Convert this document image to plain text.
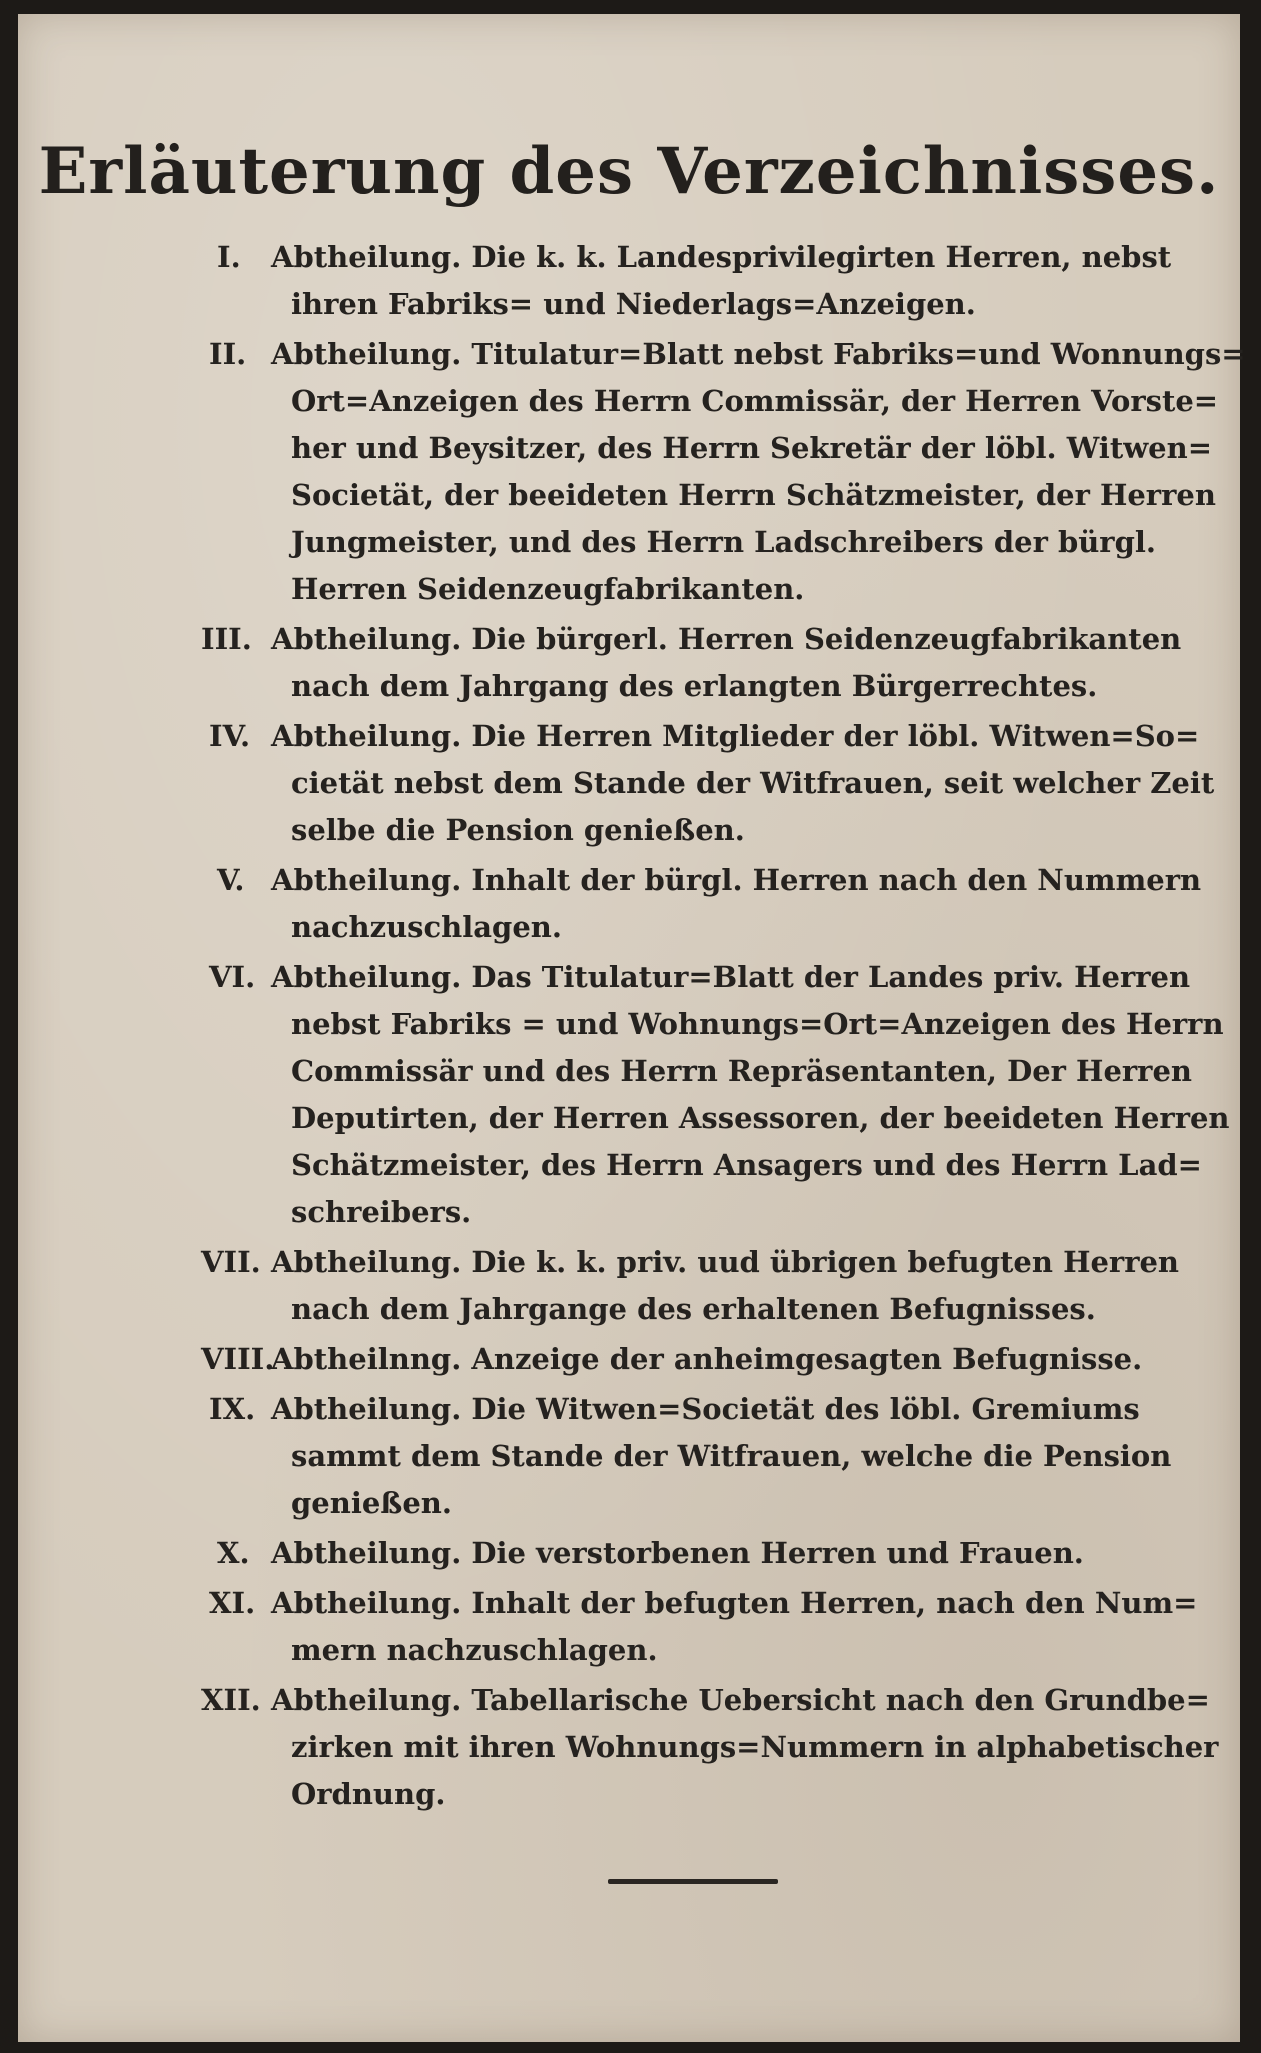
Erläuterung des Verzeichnisses.
I. Abtheilung. Die k. k. Landesprivilegirten Herren, nebst
ihren Fabriks= und Niederlags=Anzeigen.
II. Abtheilung. Titulatur=Blatt nebst Fabriks=und Wonnungs=
Ort=Anzeigen des Herrn Commissär, der Herren Vorste=
her und Beysitzer, des Herrn Sekretär der löbl. Witwen=
Societät, der beeideten Herrn Schätzmeister, der Herren
Jungmeister, und des Herrn Ladschreibers der bürgl.
Herren Seidenzeugfabrikanten.
III. Abtheilung. Die bürgerl. Herren Seidenzeugfabrikanten
nach dem Jahrgang des erlangten Bürgerrechtes.
IV. Abtheilung. Die Herren Mitglieder der löbl. Witwen=So=
cietät nebst dem Stande der Witfrauen, seit welcher Zeit
selbe die Pension genießen.
V. Abtheilung. Inhalt der bürgl. Herren nach den Nummern
nachzuschlagen.
VI. Abtheilung. Das Titulatur=Blatt der Landes priv. Herren
nebst Fabriks = und Wohnungs=Ort=Anzeigen des Herrn
Commissär und des Herrn Repräsentanten, Der Herren
Deputirten, der Herren Assessoren, der beeideten Herren
Schätzmeister, des Herrn Ansagers und des Herrn Lad=
schreibers.
VII. Abtheilung. Die k. k. priv. uud übrigen befugten Herren
nach dem Jahrgange des erhaltenen Befugnisses.
VIII.
Abtheilnng. Anzeige der anheimgesagten Befugnisse.
IX. Abtheilung. Die Witwen=Societät des löbl. Gremiums
sammt dem Stande der Witfrauen, welche die Pension
genießen.
X. Abtheilung. Die verstorbenen Herren und Frauen.
XI. Abtheilung. Inhalt der befugten Herren, nach den Num=
mern nachzuschlagen.
XII. Abtheilung. Tabellarische Uebersicht nach den Grundbe=
zirken mit ihren Wohnungs=Nummern in alphabetischer
Ordnung.
